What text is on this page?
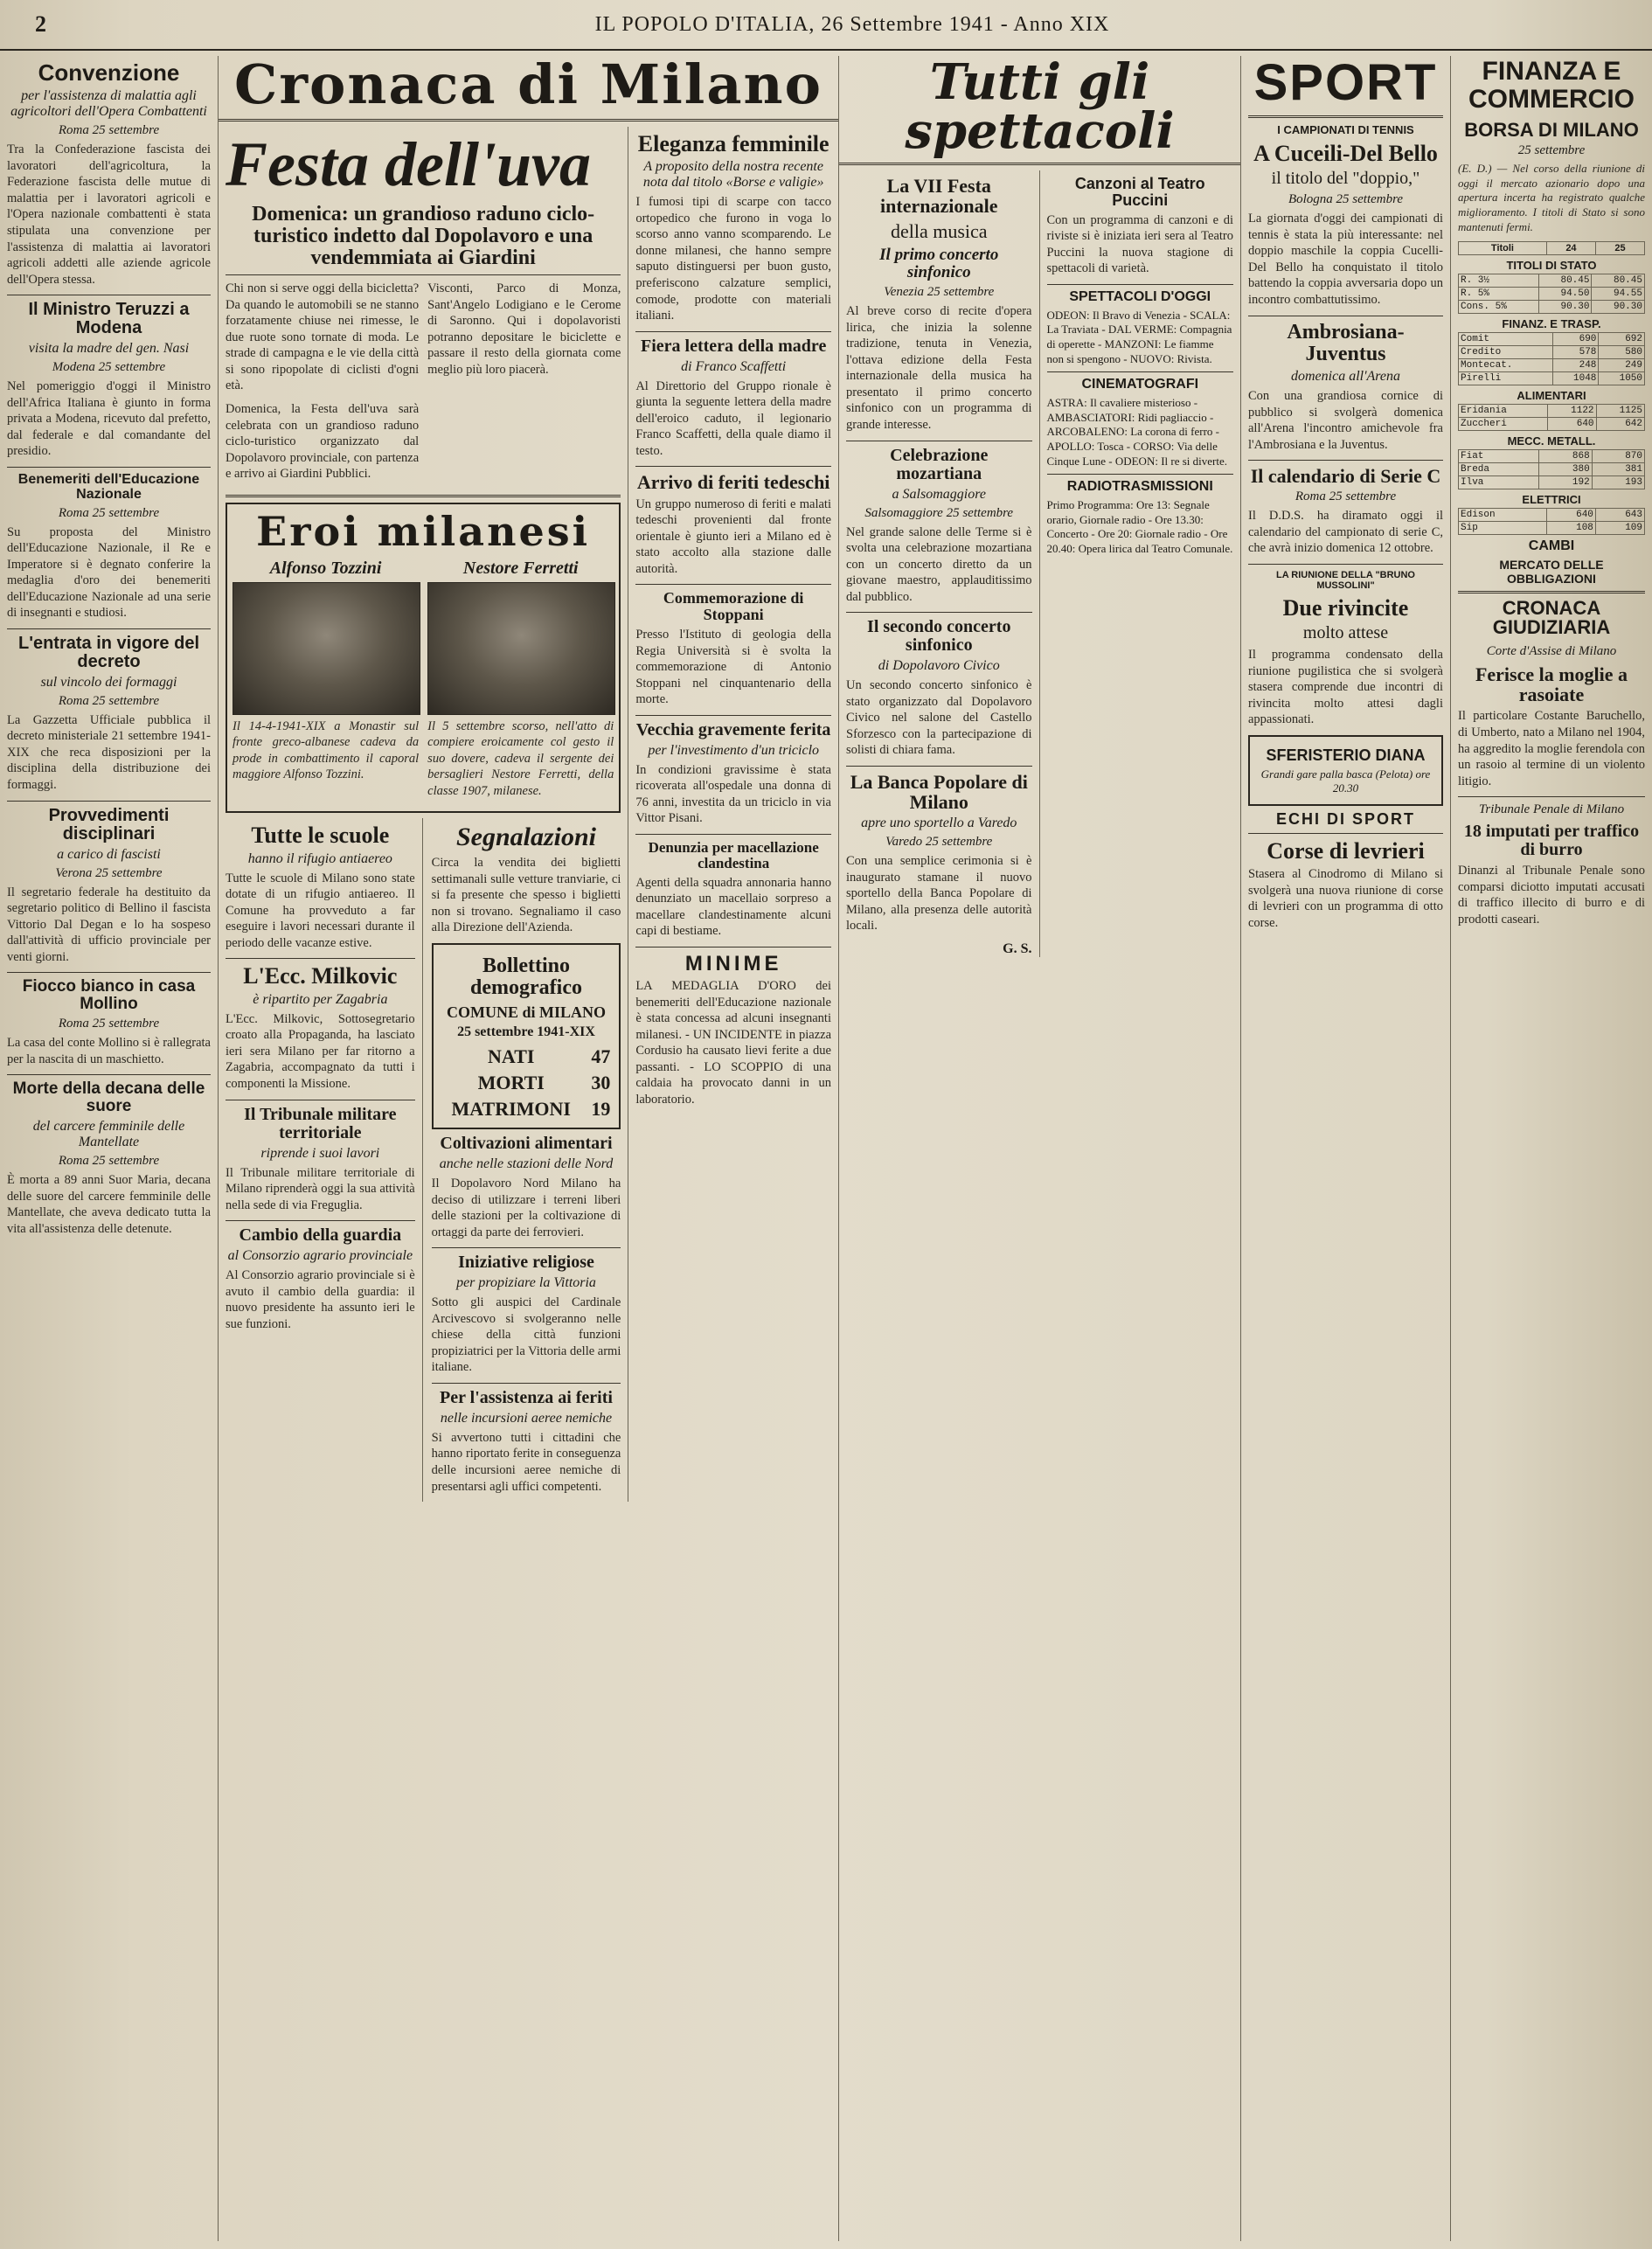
2	IL POPOLO D'ITALIA, 26 Settembre 1941 - Anno XIX
Convenzione
per l'assistenza di malattia agli agricoltori dell'Opera Combattenti
Roma 25 settembre

Tra la Confederazione fascista dei lavoratori dell'agricoltura, la Federazione fascista delle mutue di malattia per i lavoratori agricoli e l'Opera nazionale combattenti è stata stipulata una convenzione per l'assistenza di malattia ai lavoratori agricoli addetti alle aziende agricole dell'Opera stessa.

Il Ministro Teruzzi a Modena
visita la madre del gen. Nasi
Modena 25 settembre

Nel pomeriggio d'oggi il Ministro dell'Africa Italiana è giunto in forma privata a Modena, ricevuto dal prefetto, dal federale e dal comandante del presidio.

Benemeriti dell'Educazione Nazionale
Roma 25 settembre

Su proposta del Ministro dell'Educazione Nazionale, il Re e Imperatore si è degnato conferire la medaglia d'oro dei benemeriti dell'Educazione Nazionale ad una serie di insegnanti e studiosi.

L'entrata in vigore del decreto
sul vincolo dei formaggi
Roma 25 settembre

La Gazzetta Ufficiale pubblica il decreto ministeriale 21 settembre 1941-XIX che reca disposizioni per la disciplina della distribuzione dei formaggi.

Provvedimenti disciplinari
a carico di fascisti
Verona 25 settembre

Il segretario federale ha destituito da segretario politico di Bellino il fascista Vittorio Dal Degan e lo ha sospeso dall'attività di ufficio provinciale per venti giorni.

Fiocco bianco in casa Mollino
Roma 25 settembre

La casa del conte Mollino si è rallegrata per la nascita di un maschietto.

Morte della decana delle suore
del carcere femminile delle Mantellate
Roma 25 settembre

È morta a 89 anni Suor Maria, decana delle suore del carcere femminile delle Mantellate, che aveva dedicato tutta la vita all'assistenza delle detenute.

Cronaca di Milano
Festa dell'uva
Domenica: un grandioso raduno ciclo-turistico indetto dal Dopolavoro e una vendemmiata ai Giardini

Chi non si serve oggi della bicicletta? Da quando le automobili se ne stanno forzatamente chiuse nei rimesse, le due ruote sono tornate di moda. Le strade di campagna e le vie della città si sono ripopolate di ciclisti d'ogni età.

Domenica, la Festa dell'uva sarà celebrata con un grandioso raduno ciclo-turistico organizzato dal Dopolavoro provinciale, con partenza e arrivo ai Giardini Pubblici.

Visconti, Parco di Monza, Sant'Angelo Lodigiano e le Cerome di Saronno. Qui i dopolavoristi potranno depositare le biciclette e passare il resto della giornata come meglio più loro piacerà.

Eroi milanesi
Alfonso Tozzini

Il 14-4-1941-XIX a Monastir sul fronte greco-albanese cadeva da prode in combattimento il caporal maggiore Alfonso Tozzini.

Nestore Ferretti

Il 5 settembre scorso, nell'atto di compiere eroicamente col gesto il suo dovere, cadeva il sergente dei bersaglieri Nestore Ferretti, della classe 1907, milanese.

Tutte le scuole
hanno il rifugio antiaereo

Tutte le scuole di Milano sono state dotate di un rifugio antiaereo. Il Comune ha provveduto a far eseguire i lavori necessari durante il periodo delle vacanze estive.

L'Ecc. Milkovic
è ripartito per Zagabria

L'Ecc. Milkovic, Sottosegretario croato alla Propaganda, ha lasciato ieri sera Milano per far ritorno a Zagabria, accompagnato da tutti i componenti la Missione.

Il Tribunale militare territoriale
riprende i suoi lavori

Il Tribunale militare territoriale di Milano riprenderà oggi la sua attività nella sede di via Freguglia.

Cambio della guardia
al Consorzio agrario provinciale

Al Consorzio agrario provinciale si è avuto il cambio della guardia: il nuovo presidente ha assunto ieri le sue funzioni.

Segnalazioni

Circa la vendita dei biglietti settimanali sulle vetture tranviarie, ci si fa presente che spesso i biglietti non si trovano. Segnaliamo il caso alla Direzione dell'Azienda.

Bollettino demografico
COMUNE di MILANO
25 settembre 1941-XIX
NATI	47
MORTI	30
MATRIMONI	19
Coltivazioni alimentari
anche nelle stazioni delle Nord

Il Dopolavoro Nord Milano ha deciso di utilizzare i terreni liberi delle stazioni per la coltivazione di ortaggi da parte dei ferrovieri.

Iniziative religiose
per propiziare la Vittoria

Sotto gli auspici del Cardinale Arcivescovo si svolgeranno nelle chiese della città funzioni propiziatrici per la Vittoria delle armi italiane.

Per l'assistenza ai feriti
nelle incursioni aeree nemiche

Si avvertono tutti i cittadini che hanno riportato ferite in conseguenza delle incursioni aeree nemiche di presentarsi agli uffici competenti.

Eleganza femminile
A proposito della nostra recente nota dal titolo «Borse e valigie»

I fumosi tipi di scarpe con tacco ortopedico che furono in voga lo scorso anno vanno scomparendo. Le donne milanesi, che hanno sempre saputo distinguersi per buon gusto, preferiscono calzature semplici, comode, prodotte con materiali italiani.

Fiera lettera della madre
di Franco Scaffetti

Al Direttorio del Gruppo rionale è giunta la seguente lettera della madre dell'eroico caduto, il legionario Franco Scaffetti, della quale diamo il testo.

Arrivo di feriti tedeschi

Un gruppo numeroso di feriti e malati tedeschi provenienti dal fronte orientale è giunto ieri a Milano ed è stato accolto alla stazione dalle autorità.

Commemorazione di Stoppani

Presso l'Istituto di geologia della Regia Università si è svolta la commemorazione di Antonio Stoppani nel cinquantenario della morte.

Vecchia gravemente ferita
per l'investimento d'un triciclo

In condizioni gravissime è stata ricoverata all'ospedale una donna di 76 anni, investita da un triciclo in via Vittor Pisani.

Denunzia per macellazione clandestina

Agenti della squadra annonaria hanno denunziato un macellaio sorpreso a macellare clandestinamente alcuni capi di bestiame.

MINIME

LA MEDAGLIA D'ORO dei benemeriti dell'Educazione nazionale è stata concessa ad alcuni insegnanti milanesi. - UN INCIDENTE in piazza Cordusio ha causato lievi ferite a due passanti. - LO SCOPPIO di una caldaia ha provocato danni in un laboratorio.

Tutti gli spettacoli
La VII Festa internazionale
della musica
Il primo concerto sinfonico
Venezia 25 settembre

Al breve corso di recite d'opera lirica, che inizia la solenne tradizione, tenuta in Venezia, l'ottava edizione della Festa internazionale della musica ha presentato il primo concerto sinfonico con un programma di grande interesse.

Celebrazione mozartiana
a Salsomaggiore
Salsomaggiore 25 settembre

Nel grande salone delle Terme si è svolta una celebrazione mozartiana con un concerto diretto da un giovane maestro, applauditissimo dal pubblico.

Il secondo concerto sinfonico
di Dopolavoro Civico

Un secondo concerto sinfonico è stato organizzato dal Dopolavoro Civico nel salone del Castello Sforzesco con la partecipazione di solisti di chiara fama.

La Banca Popolare di Milano
apre uno sportello a Varedo
Varedo 25 settembre

Con una semplice cerimonia si è inaugurato stamane il nuovo sportello della Banca Popolare di Milano, alla presenza delle autorità locali.

G. S.
Canzoni al Teatro Puccini

Con un programma di canzoni e di riviste si è iniziata ieri sera al Teatro Puccini la nuova stagione di spettacoli di varietà.

SPETTACOLI D'OGGI

ODEON: Il Bravo di Venezia - SCALA: La Traviata - DAL VERME: Compagnia di operette - MANZONI: Le fiamme non si spengono - NUOVO: Rivista.

CINEMATOGRAFI

ASTRA: Il cavaliere misterioso - AMBASCIATORI: Ridi pagliaccio - ARCOBALENO: La corona di ferro - APOLLO: Tosca - CORSO: Via delle Cinque Lune - ODEON: Il re si diverte.

RADIOTRASMISSIONI

Primo Programma: Ore 13: Segnale orario, Giornale radio - Ore 13.30: Concerto - Ore 20: Giornale radio - Ore 20.40: Opera lirica dal Teatro Comunale.

SPORT
I CAMPIONATI DI TENNIS
A Cuceili-Del Bello
il titolo del "doppio,"
Bologna 25 settembre

La giornata d'oggi dei campionati di tennis è stata la più interessante: nel doppio maschile la coppia Cucelli-Del Bello ha conquistato il titolo battendo la coppia avversaria dopo un incontro combattutissimo.

Ambrosiana-Juventus
domenica all'Arena

Con una grandiosa cornice di pubblico si svolgerà domenica all'Arena l'incontro amichevole fra l'Ambrosiana e la Juventus.

Il calendario di Serie C
Roma 25 settembre

Il D.D.S. ha diramato oggi il calendario del campionato di serie C, che avrà inizio domenica 12 ottobre.

LA RIUNIONE DELLA "BRUNO MUSSOLINI"
Due rivincite
molto attese

Il programma condensato della riunione pugilistica che si svolgerà stasera comprende due incontri di rivincita molto attesi dagli appassionati.

SFERISTERIO DIANA
Grandi gare palla basca (Pelota) ore 20.30
ECHI DI SPORT
Corse di levrieri

Stasera al Cinodromo di Milano si svolgerà una nuova riunione di corse di levrieri con un programma di otto corse.

FINANZA E COMMERCIO
BORSA DI MILANO
25 settembre

(E. D.) — Nel corso della riunione di oggi il mercato azionario dopo una apertura incerta ha registrato qualche miglioramento. I titoli di Stato si sono mantenuti fermi.

Titoli	24	25
TITOLI DI STATO
R. 3½	80.45	80.45
R. 5%	94.50	94.55
Cons. 5%	90.30	90.30
FINANZ. E TRASP.
Comit	690	692
Credito	578	580
Montecat.	248	249
Pirelli	1048	1050
ALIMENTARI
Eridania	1122	1125
Zuccheri	640	642
MECC. METALL.
Fiat	868	870
Breda	380	381
Ilva	192	193
ELETTRICI
Edison	640	643
Sip	108	109
CAMBI
MERCATO DELLE OBBLIGAZIONI
CRONACA GIUDIZIARIA
Corte d'Assise di Milano
Ferisce la moglie a rasoiate

Il particolare Costante Baruchello, di Umberto, nato a Milano nel 1904, ha aggredito la moglie ferendola con un rasoio al termine di un violento litigio.

Tribunale Penale di Milano
18 imputati per traffico di burro

Dinanzi al Tribunale Penale sono comparsi diciotto imputati accusati di traffico illecito di burro e di prodotti caseari.
